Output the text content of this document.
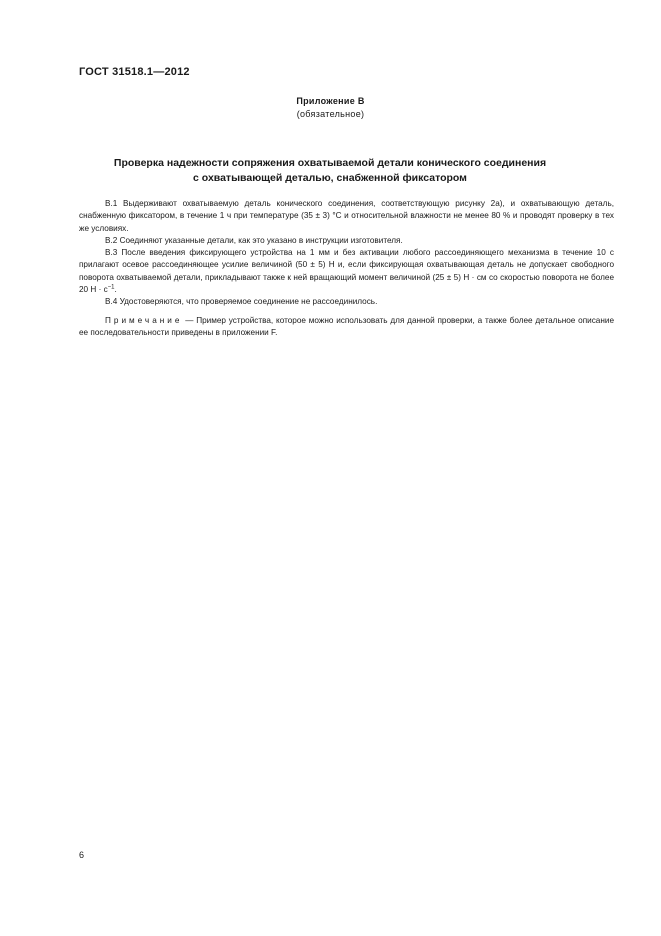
ГОСТ 31518.1—2012
Приложение В
(обязательное)
Проверка надежности сопряжения охватываемой детали конического соединения
с охватывающей деталью, снабженной фиксатором

В.1 Выдерживают охватываемую деталь конического соединения, соответствующую рисунку 2а), и охватывающую деталь, снабженную фиксатором, в течение 1 ч при температуре (35 ± 3) °С и относительной влажности не менее 80 % и проводят проверку в тех же условиях.

В.2 Соединяют указанные детали, как это указано в инструкции изготовителя.

В.3 После введения фиксирующего устройства на 1 мм и без активации любого рассоединяющего механизма в течение 10 с прилагают осевое рассоединяющее усилие величиной (50 ± 5) Н и, если фиксирующая охватывающая деталь не допускает свободного поворота охватываемой детали, прикладывают также к ней вращающий момент величиной (25 ± 5) Н · см со скоростью поворота не более 20 $Н \cdot с^{-1}$.

В.4 Удостоверяются, что проверяемое соединение не рассоединилось.

Примечание — Пример устройства, которое можно использовать для данной проверки, а также более детальное описание ее последовательности приведены в приложении F.

6
